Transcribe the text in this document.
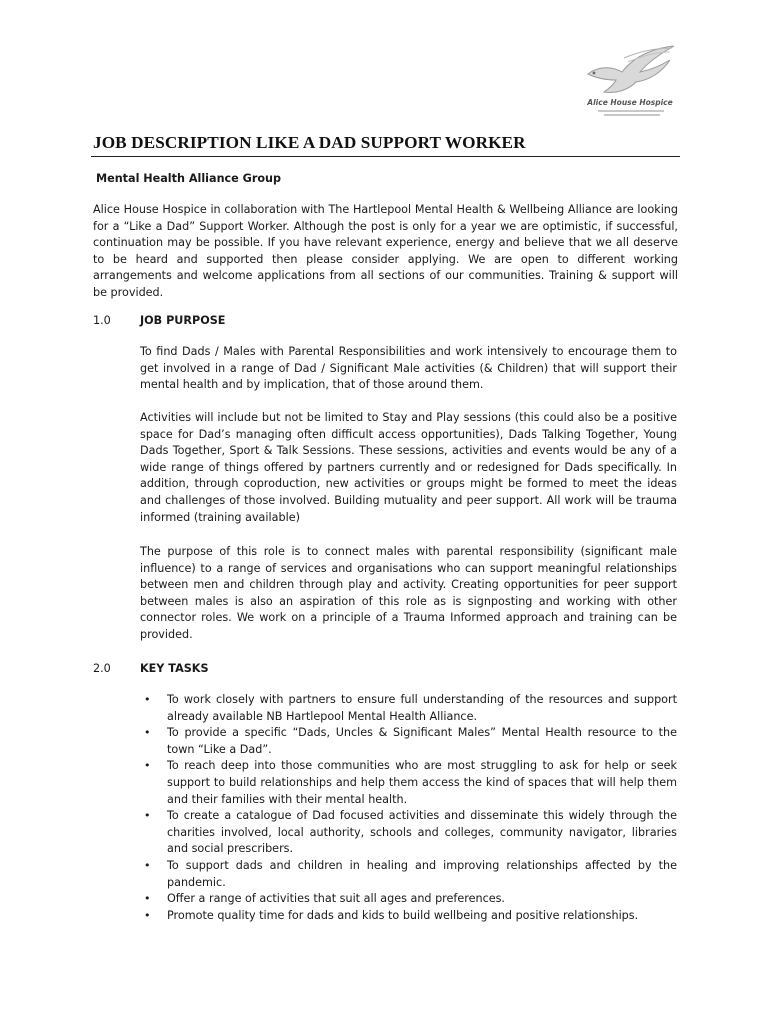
Alice House Hospice
JOB DESCRIPTION LIKE A DAD SUPPORT WORKER

Mental Health Alliance Group

Alice House Hospice in collaboration with The Hartlepool Mental Health & Wellbeing Alliance are looking for a “Like a Dad” Support Worker. Although the post is only for a year we are optimistic, if successful, continuation may be possible. If you have relevant experience, energy and believe that we all deserve to be heard and supported then please consider applying. We are open to different working arrangements and welcome applications from all sections of our communities. Training & support will be provided.

1.0	JOB PURPOSE

To find Dads / Males with Parental Responsibilities and work intensively to encourage them to get involved in a range of Dad / Significant Male activities (& Children) that will support their mental health and by implication, that of those around them.

Activities will include but not be limited to Stay and Play sessions (this could also be a positive space for Dad’s managing often difficult access opportunities), Dads Talking Together, Young Dads Together, Sport & Talk Sessions. These sessions, activities and events would be any of a wide range of things offered by partners currently and or redesigned for Dads specifically. In addition, through coproduction, new activities or groups might be formed to meet the ideas and challenges of those involved. Building mutuality and peer support. All work will be trauma informed (training available)

The purpose of this role is to connect males with parental responsibility (significant male influence) to a range of services and organisations who can support meaningful relationships between men and children through play and activity. Creating opportunities for peer support between males is also an aspiration of this role as is signposting and working with other connector roles. We work on a principle of a Trauma Informed approach and training can be provided.

2.0	KEY TASKS

• To work closely with partners to ensure full understanding of the resources and support already available NB Hartlepool Mental Health Alliance.
• To provide a specific “Dads, Uncles & Significant Males” Mental Health resource to the town “Like a Dad”.
• To reach deep into those communities who are most struggling to ask for help or seek support to build relationships and help them access the kind of spaces that will help them and their families with their mental health.
• To create a catalogue of Dad focused activities and disseminate this widely through the charities involved, local authority, schools and colleges, community navigator, libraries and social prescribers.
• To support dads and children in healing and improving relationships affected by the pandemic.
• Offer a range of activities that suit all ages and preferences.
• Promote quality time for dads and kids to build wellbeing and positive relationships.
